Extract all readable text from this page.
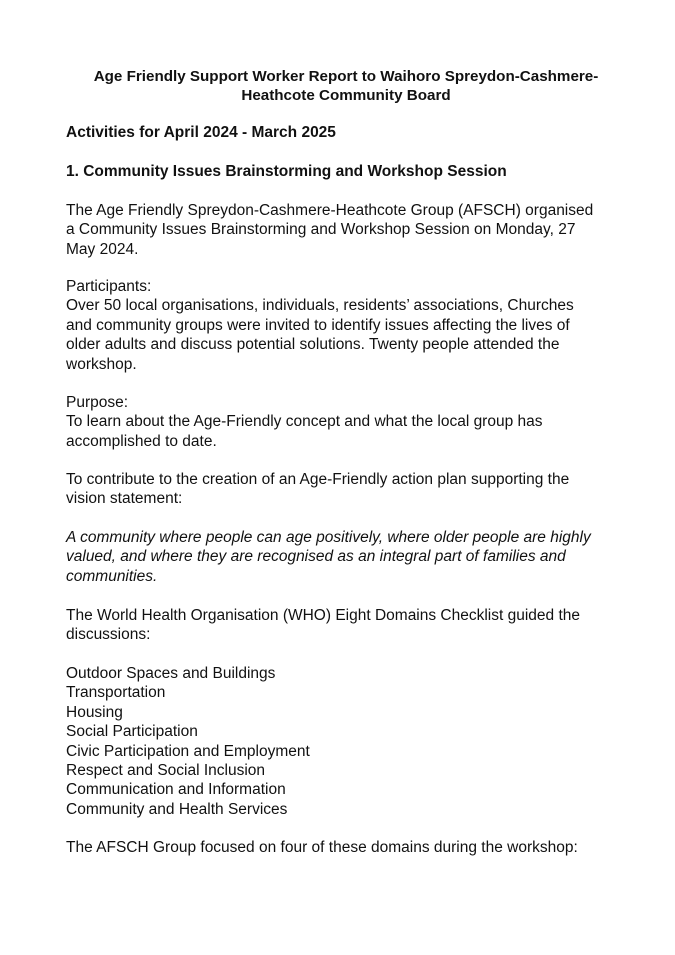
Age Friendly Support Worker Report to Waihoro Spreydon-Cashmere-
Heathcote Community Board
Activities for April 2024 - March 2025
1. Community Issues Brainstorming and Workshop Session
The Age Friendly Spreydon-Cashmere-Heathcote Group (AFSCH) organised
a Community Issues Brainstorming and Workshop Session on Monday, 27
May 2024.
Participants:
Over 50 local organisations, individuals, residents’ associations, Churches
and community groups were invited to identify issues affecting the lives of
older adults and discuss potential solutions. Twenty people attended the
workshop.
Purpose:
To learn about the Age-Friendly concept and what the local group has
accomplished to date.
To contribute to the creation of an Age-Friendly action plan supporting the
vision statement:
A community where people can age positively, where older people are highly
valued, and where they are recognised as an integral part of families and
communities.
The World Health Organisation (WHO) Eight Domains Checklist guided the
discussions:
Outdoor Spaces and Buildings
Transportation
Housing
Social Participation
Civic Participation and Employment
Respect and Social Inclusion
Communication and Information
Community and Health Services
The AFSCH Group focused on four of these domains during the workshop:
